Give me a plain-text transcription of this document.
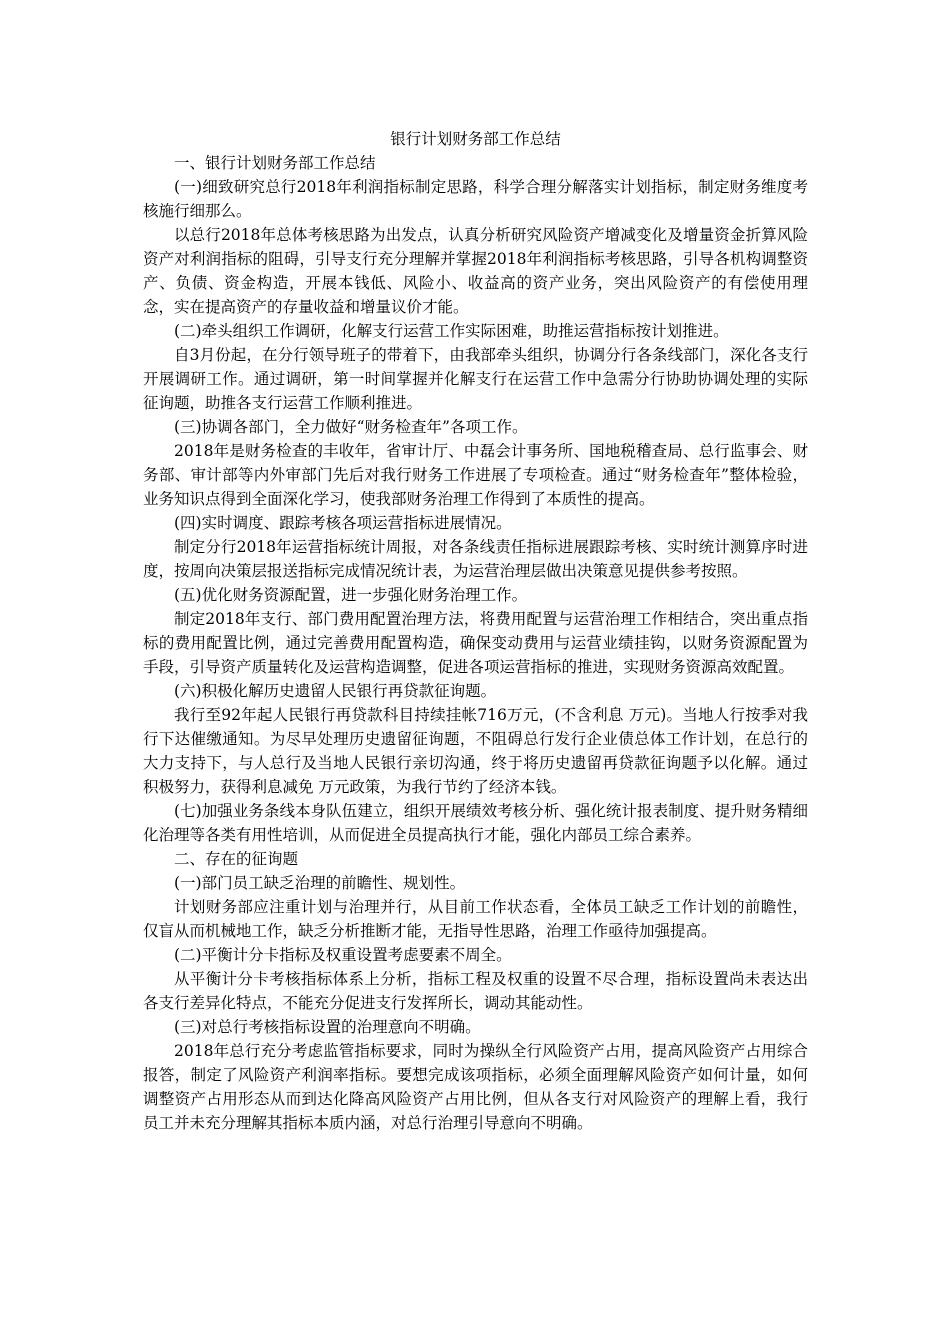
银行计划财务部工作总结

一、银行计划财务部工作总结

(一)细致研究总行2018年利润指标制定思路，科学合理分解落实计划指标，制定财务维度考核施行细那么。

以总行2018年总体考核思路为出发点，认真分析研究风险资产增减变化及增量资金折算风险资产对利润指标的阻碍，引导支行充分理解并掌握2018年利润指标考核思路，引导各机构调整资产、负债、资金构造，开展本钱低、风险小、收益高的资产业务，突出风险资产的有偿使用理念，实在提高资产的存量收益和增量议价才能。

(二)牵头组织工作调研，化解支行运营工作实际困难，助推运营指标按计划推进。

自3月份起，在分行领导班子的带着下，由我部牵头组织，协调分行各条线部门，深化各支行开展调研工作。通过调研，第一时间掌握并化解支行在运营工作中急需分行协助协调处理的实际征询题，助推各支行运营工作顺利推进。

(三)协调各部门，全力做好“财务检查年”各项工作。

2018年是财务检查的丰收年，省审计厅、中磊会计事务所、国地税稽查局、总行监事会、财务部、审计部等内外审部门先后对我行财务工作进展了专项检查。通过“财务检查年”整体检验，业务知识点得到全面深化学习，使我部财务治理工作得到了本质性的提高。

(四)实时调度、跟踪考核各项运营指标进展情况。

制定分行2018年运营指标统计周报，对各条线责任指标进展跟踪考核、实时统计测算序时进度，按周向决策层报送指标完成情况统计表，为运营治理层做出决策意见提供参考按照。

(五)优化财务资源配置，进一步强化财务治理工作。

制定2018年支行、部门费用配置治理方法，将费用配置与运营治理工作相结合，突出重点指标的费用配置比例，通过完善费用配置构造，确保变动费用与运营业绩挂钩，以财务资源配置为手段，引导资产质量转化及运营构造调整，促进各项运营指标的推进，实现财务资源高效配置。

(六)积极化解历史遗留人民银行再贷款征询题。

我行至92年起人民银行再贷款科目持续挂帐716万元，(不含利息 万元)。当地人行按季对我行下达催缴通知。为尽早处理历史遗留征询题，不阻碍总行发行企业债总体工作计划，在总行的大力支持下，与人总行及当地人民银行亲切沟通，终于将历史遗留再贷款征询题予以化解。通过积极努力，获得利息减免 万元政策，为我行节约了经济本钱。

(七)加强业务条线本身队伍建立，组织开展绩效考核分析、强化统计报表制度、提升财务精细化治理等各类有用性培训，从而促进全员提高执行才能，强化内部员工综合素养。

二、存在的征询题

(一)部门员工缺乏治理的前瞻性、规划性。

计划财务部应注重计划与治理并行，从目前工作状态看，全体员工缺乏工作计划的前瞻性，仅盲从而机械地工作，缺乏分析推断才能，无指导性思路，治理工作亟待加强提高。

(二)平衡计分卡指标及权重设置考虑要素不周全。

从平衡计分卡考核指标体系上分析，指标工程及权重的设置不尽合理，指标设置尚未表达出各支行差异化特点，不能充分促进支行发挥所长，调动其能动性。

(三)对总行考核指标设置的治理意向不明确。

2018年总行充分考虑监管指标要求，同时为操纵全行风险资产占用，提高风险资产占用综合报答，制定了风险资产利润率指标。要想完成该项指标，必须全面理解风险资产如何计量，如何调整资产占用形态从而到达化降高风险资产占用比例，但从各支行对风险资产的理解上看，我行员工并未充分理解其指标本质内涵，对总行治理引导意向不明确。
